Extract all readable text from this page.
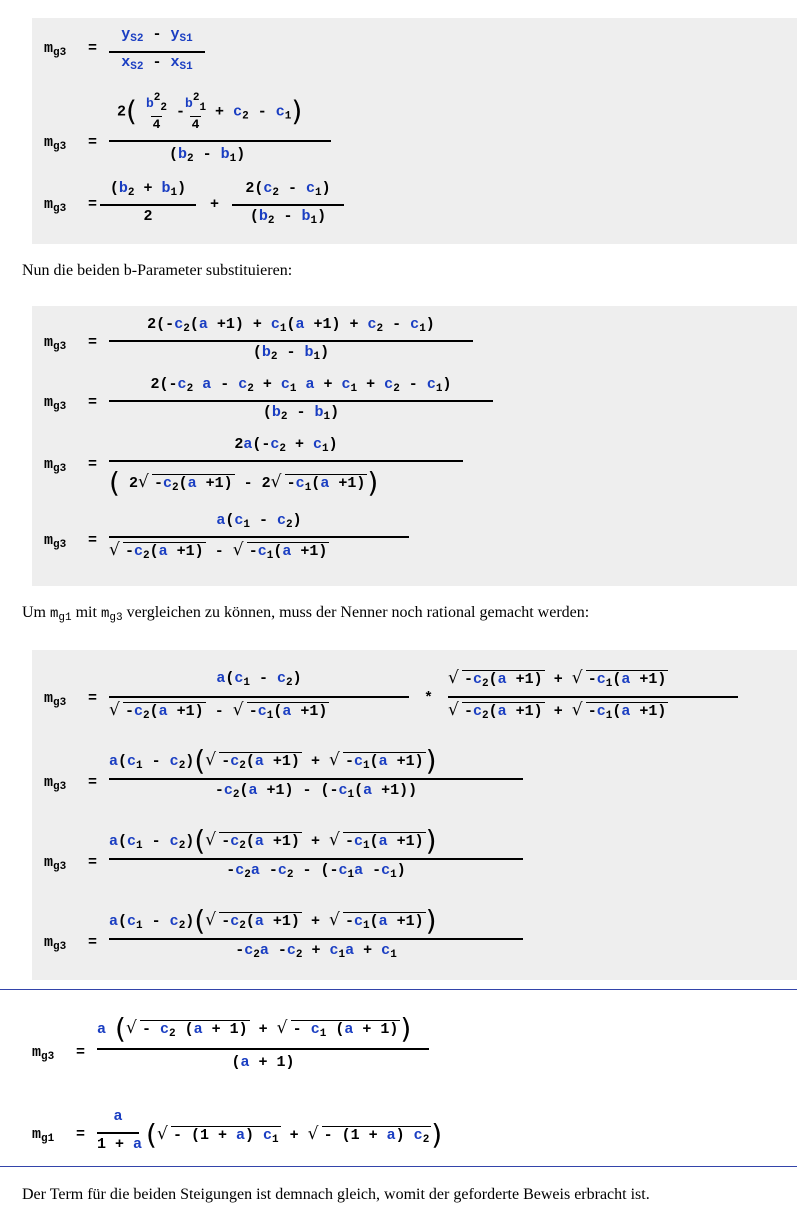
$m_{g3}$ =
$y_{S2} - y_{S1}$
$x_{S2} - x_{S1}$
$m_{g3}$ =
2( $b^2_2$
4 $-b^2_1$
$4 + c_2 - c_1$)
$(b_2 - b_1)$
$m_{g3}$ =
$(b_2 + b_1)$
2
+
$2(c_2 - c_1)$
$(b_2 - b_1)$
Nun die beiden b-Parameter substituieren:
$m_{g3}$ =
$2(-c_2(a +1) + c_1(a +1) + c_2 - c_1)$
$(b_2 - b_1)$
$m_{g3}$ =
$2(-c_2$ $a - c_2 + c_1$ $a + c_1 + c_2 - c_1$)
$(b_2 - b_1)$
$m_{g3}$ =
$2a(-c_2 + c_1)$
( 2√ $-c_2(a +1) - 2√$ $-c_1(a +1)$)
$m_{g3}$ =
$a(c_1 - c_2)$
√ $-c_2(a +1)$ - √ $-c_1(a +1)$
Um $m_{g1}$ mit $m_{g3}$ vergleichen zu können, muss der Nenner noch rational gemacht werden:
$m_{g3}$ =
$a(c_1 - c_2)$
√ $-c_2(a +1)$ - √ $-c_1(a +1)$
*
√ $-c_2(a +1)$ + √ $-c_1(a +1)$
√ $-c_2(a +1)$ + √ $-c_1(a +1)$
$m_{g3}$ =
$a(c_1 - c_2)(√$ $-c_2(a +1)$ + √ $-c_1(a +1)$)
$-c_2(a +1) - (-c_1(a +1))$
$m_{g3}$ =
$a(c_1 - c_2)(√$ $-c_2(a +1)$ + √ $-c_1(a +1)$)
$-c_2a$ $-c_2 - (-c_1a$ $-c_1$)
$m_{g3}$ =
$a(c_1 - c_2)(√$ $-c_2(a +1)$ + √ $-c_1(a +1)$)
$-c_2a$ $-c_2 + c_1a + c_1$
$m_{g3}$ =
a (√ - $c_2$ (a + 1) + √ - $c_1$ (a + 1))
(a + 1)
$m_{g1}$ =
a
1 + a (√ - (1 + a) $c_1$ + √ - (1 + a) $c_2$)
Der Term für die beiden Steigungen ist demnach gleich, womit der geforderte Beweis erbracht ist.
